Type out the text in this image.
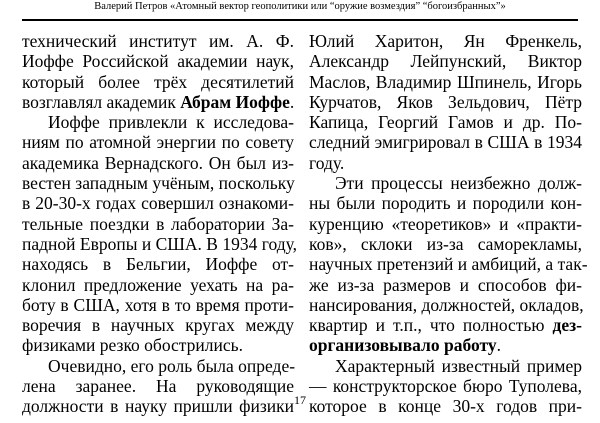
Валерий Петров «Атомный вектор геополитики или “оружие возмездия” “богоизбранных”»
технический институт им. А. Ф.
Иоффе Российской академии наук,
который более трёх десятилетий
возглавлял академик Абрам Иоффе.
Иоффе привлекли к исследова-
ниям по атомной энергии по совету
академика Вернадского. Он был из-
вестен западным учёным, поскольку
в 20-30-х годах совершил ознакоми-
тельные поездки в лаборатории За-
падной Европы и США. В 1934 году,
находясь в Бельгии, Иоффе от-
клонил предложение уехать на ра-
боту в США, хотя в то время проти-
воречия в научных кругах между
физиками резко обострились.
Очевидно, его роль была опреде-
лена заранее. На руководящие
должности в науку пришли физики
Юлий Харитон, Ян Френкель,
Александр Лейпунский, Виктор
Маслов, Владимир Шпинель, Игорь
Курчатов, Яков Зельдович, Пётр
Капица, Георгий Гамов и др. По-
следний эмигрировал в США в 1934
году.
Эти процессы неизбежно долж-
ны были породить и породили кон-
куренцию «теоретиков» и «практи-
ков», склоки из-за саморекламы,
научных претензий и амбиций, а так-
же из-за размеров и способов фи-
нансирования, должностей, окладов,
квартир и т.п., что полностью дез-
организовывало работу.
Характерный известный пример
— конструкторское бюро Туполева,
которое в конце 30-х годов при-
17
